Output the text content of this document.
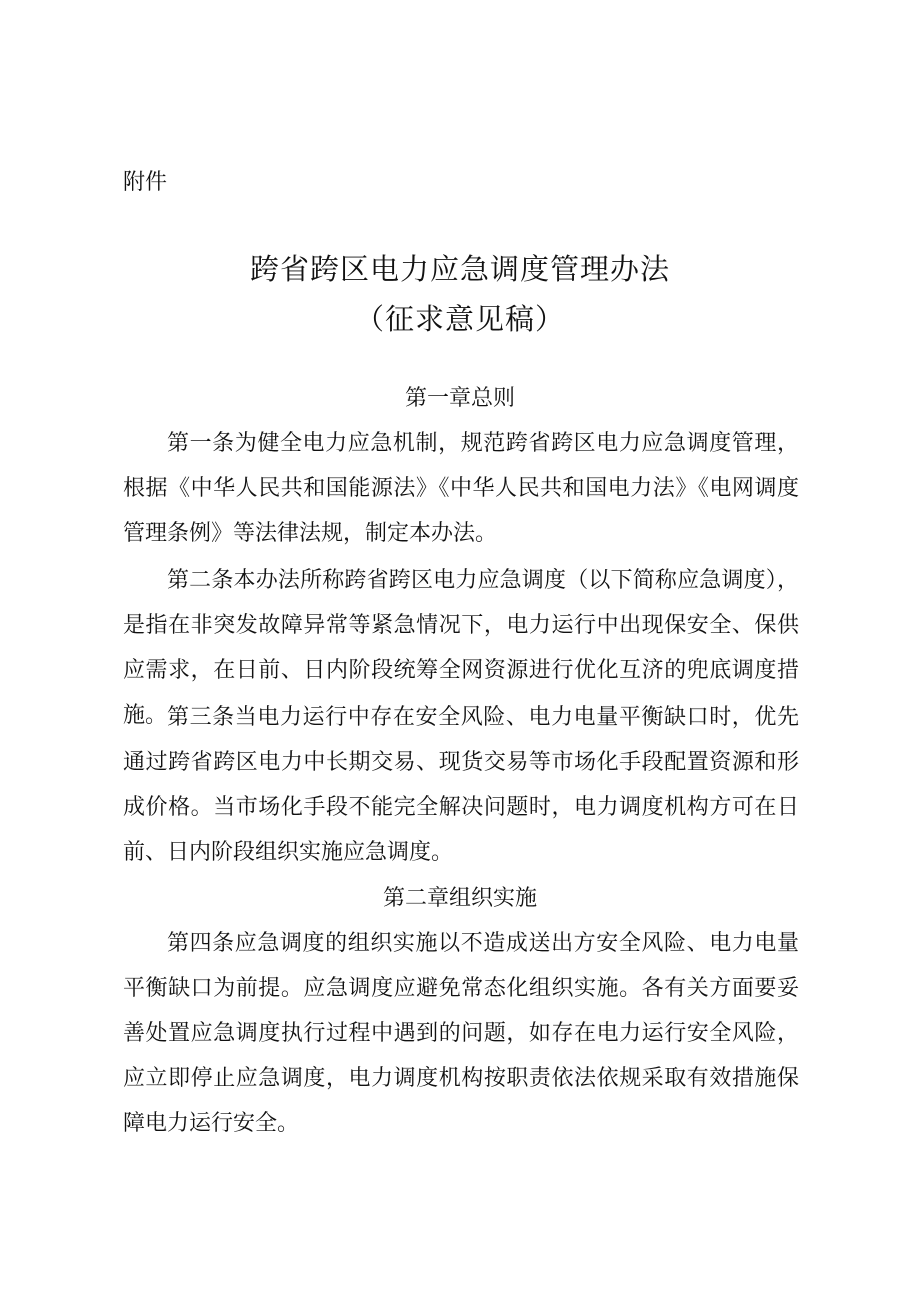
附件
跨省跨区电力应急调度管理办法
（征求意见稿）
第一章总则

第一条为健全电力应急机制，规范跨省跨区电力应急调度管理，根据《中华人民共和国能源法》《中华人民共和国电力法》《电网调度管理条例》等法律法规，制定本办法。

第二条本办法所称跨省跨区电力应急调度（以下简称应急调度），是指在非突发故障异常等紧急情况下，电力运行中出现保安全、保供应需求，在日前、日内阶段统筹全网资源进行优化互济的兜底调度措施。 第三条当电力运行中存在安全风险、电力电量平衡缺口时，优先通过跨省跨区电力中长期交易、现货交易等市场化手段配置资源和形成价格。当市场化手段不能完全解决问题时，电力调度机构方可在日前、日内阶段组织实施应急调度。

第二章组织实施

第四条应急调度的组织实施以不造成送出方安全风险、电力电量平衡缺口为前提。应急调度应避免常态化组织实施。各有关方面要妥善处置应急调度执行过程中遇到的问题，如存在电力运行安全风险，应立即停止应急调度，电力调度机构按职责依法依规采取有效措施保障电力运行安全。
